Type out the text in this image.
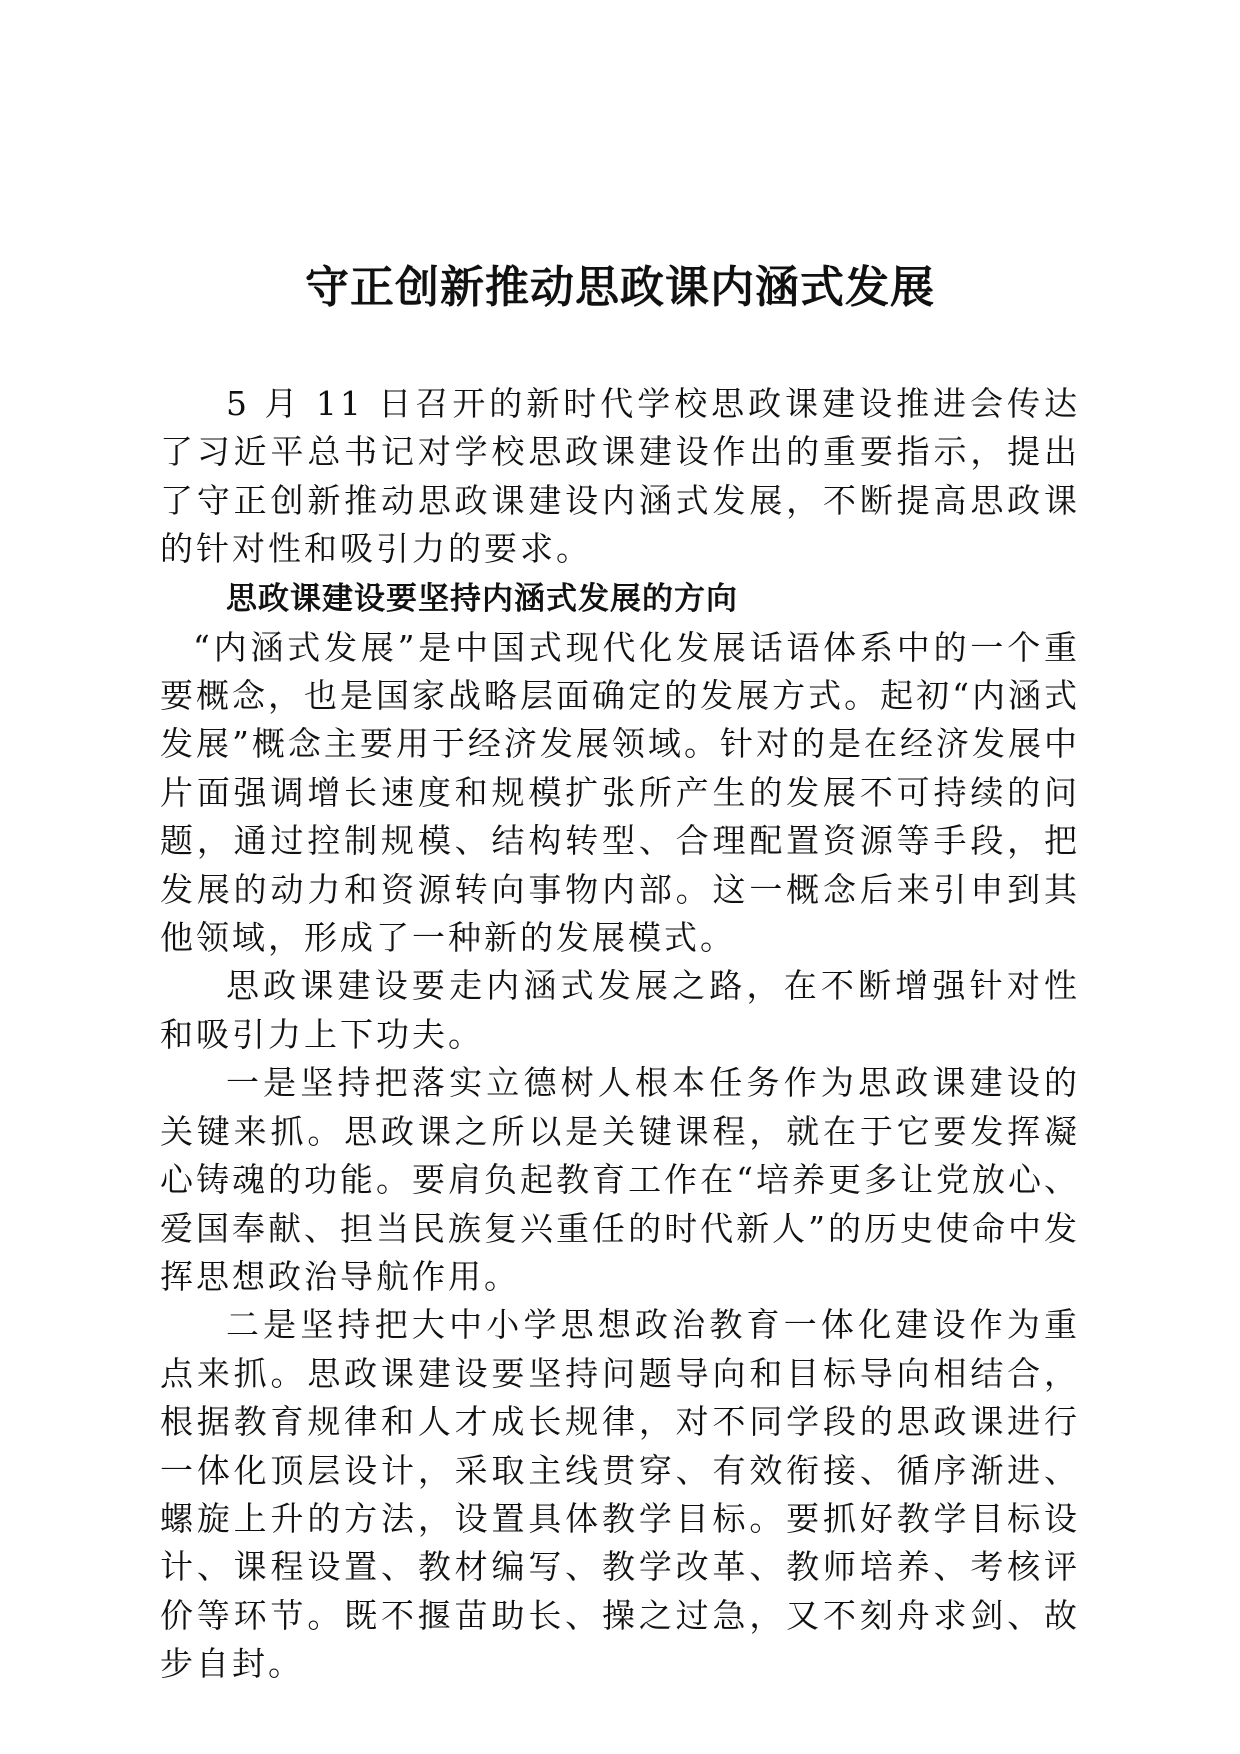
守正创新推动思政课内涵式发展

5 月 11 日召开的新时代学校思政课建设推进会传达了习近平总书记对学校思政课建设作出的重要指示，提出了守正创新推动思政课建设内涵式发展，不断提高思政课的针对性和吸引力的要求。

思政课建设要坚持内涵式发展的方向

“内涵式发展”是中国式现代化发展话语体系中的一个重要概念，也是国家战略层面确定的发展方式。起初“内涵式发展”概念主要用于经济发展领域。针对的是在经济发展中片面强调增长速度和规模扩张所产生的发展不可持续的问题，通过控制规模、结构转型、合理配置资源等手段，把发展的动力和资源转向事物内部。这一概念后来引申到其他领域，形成了一种新的发展模式。

思政课建设要走内涵式发展之路，在不断增强针对性和吸引力上下功夫。

一是坚持把落实立德树人根本任务作为思政课建设的关键来抓。思政课之所以是关键课程，就在于它要发挥凝心铸魂的功能。要肩负起教育工作在“培养更多让党放心、爱国奉献、担当民族复兴重任的时代新人”的历史使命中发挥思想政治导航作用。

二是坚持把大中小学思想政治教育一体化建设作为重点来抓。思政课建设要坚持问题导向和目标导向相结合，根据教育规律和人才成长规律，对不同学段的思政课进行一体化顶层设计，采取主线贯穿、有效衔接、循序渐进、螺旋上升的方法，设置具体教学目标。要抓好教学目标设计、课程设置、教材编写、教学改革、教师培养、考核评价等环节。既不揠苗助长、操之过急，又不刻舟求剑、故步自封。
